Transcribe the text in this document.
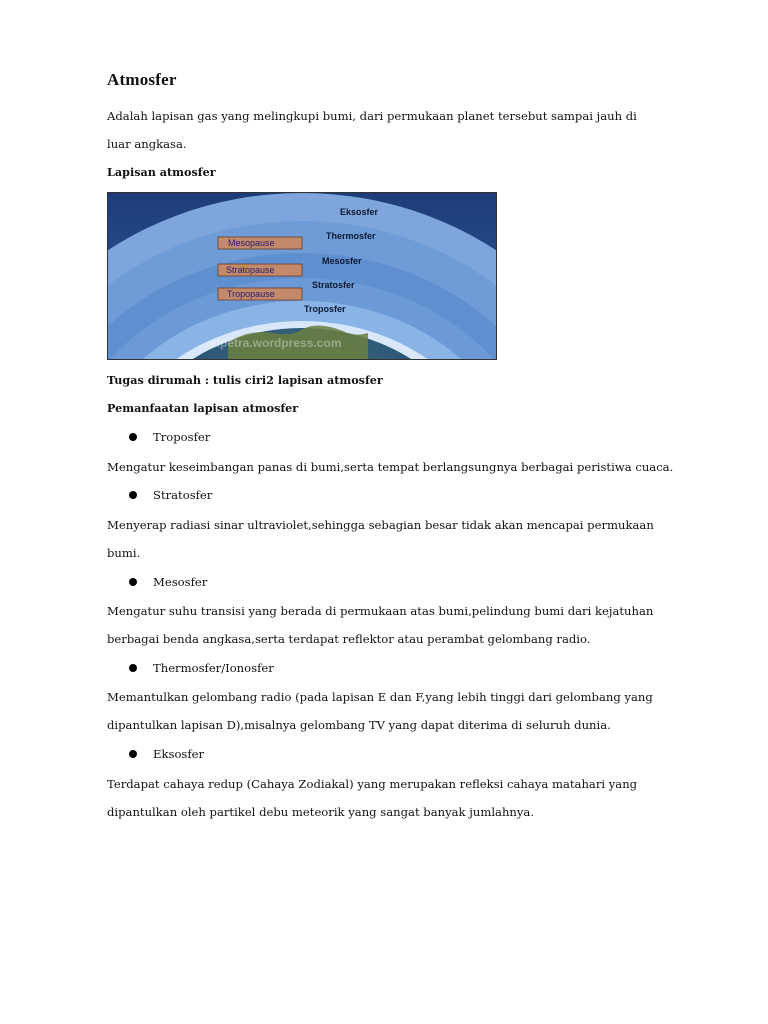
Atmosfer

Adalah lapisan gas yang melingkupi bumi, dari permukaan planet tersebut sampai jauh di

luar angkasa.

Lapisan atmosfer

Eksosfer
Thermosfer
Mesosfer
Stratosfer
Troposfer
Mesopause
Stratopause
Tropopause
…elpetra.wordpress.com

Tugas dirumah : tulis ciri2 lapisan atmosfer

Pemanfaatan lapisan atmosfer

Troposfer

Mengatur keseimbangan panas di bumi,serta tempat berlangsungnya berbagai peristiwa cuaca.

Stratosfer

Menyerap radiasi sinar ultraviolet,sehingga sebagian besar tidak akan mencapai permukaan

bumi.

Mesosfer

Mengatur suhu transisi yang berada di permukaan atas bumi,pelindung bumi dari kejatuhan

berbagai benda angkasa,serta terdapat reflektor atau perambat gelombang radio.

Thermosfer/Ionosfer

Memantulkan gelombang radio (pada lapisan E dan F,yang lebih tinggi dari gelombang yang

dipantulkan lapisan D),misalnya gelombang TV yang dapat diterima di seluruh dunia.

Eksosfer

Terdapat cahaya redup (Cahaya Zodiakal) yang merupakan refleksi cahaya matahari yang

dipantulkan oleh partikel debu meteorik yang sangat banyak jumlahnya.
